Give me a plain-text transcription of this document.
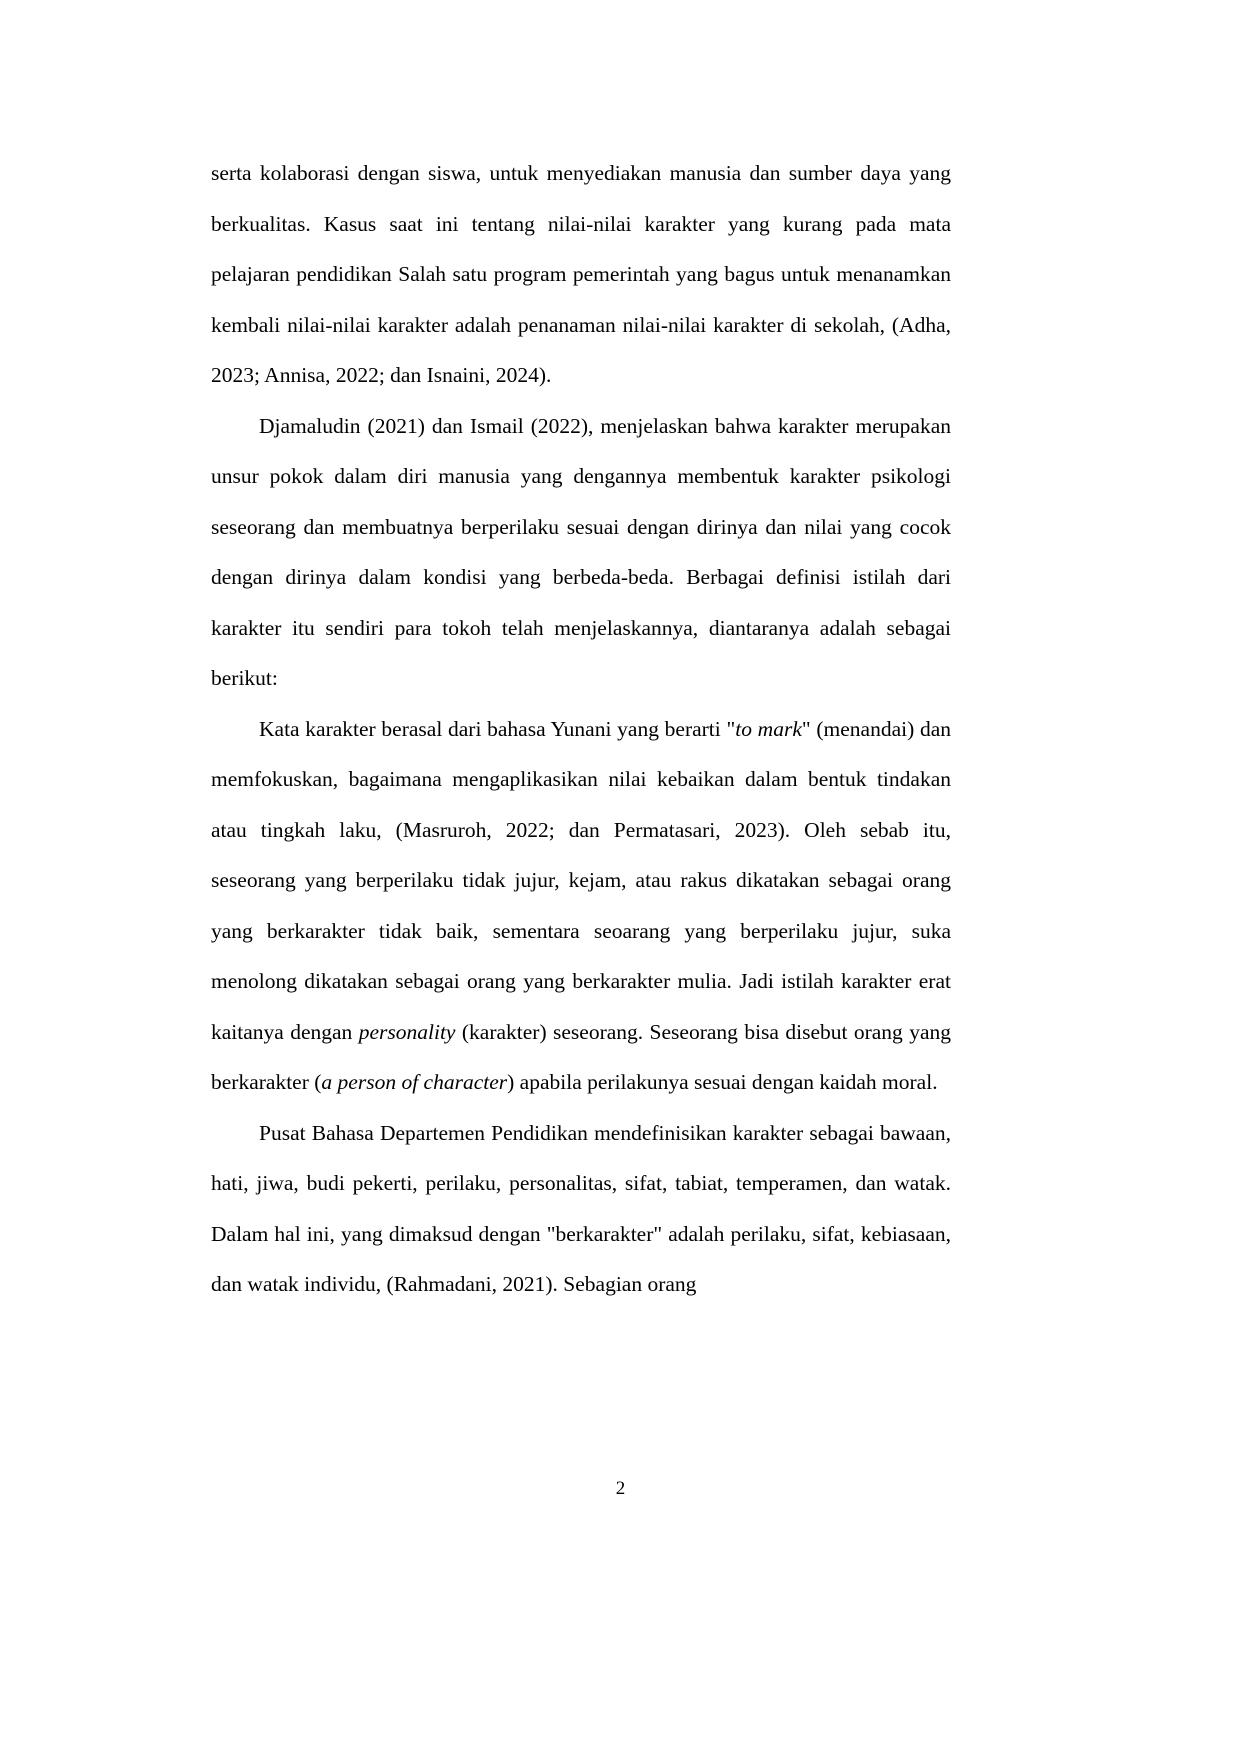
serta kolaborasi dengan siswa, untuk menyediakan manusia dan sumber daya yang berkualitas. Kasus saat ini tentang nilai-nilai karakter yang kurang pada mata pelajaran pendidikan Salah satu program pemerintah yang bagus untuk menanamkan kembali nilai-nilai karakter adalah penanaman nilai-nilai karakter di sekolah, (Adha, 2023; Annisa, 2022; dan Isnaini, 2024).

Djamaludin (2021) dan Ismail (2022), menjelaskan bahwa karakter merupakan unsur pokok dalam diri manusia yang dengannya membentuk karakter psikologi seseorang dan membuatnya berperilaku sesuai dengan dirinya dan nilai yang cocok dengan dirinya dalam kondisi yang berbeda-beda. Berbagai definisi istilah dari karakter itu sendiri para tokoh telah menjelaskannya, diantaranya adalah sebagai berikut:

Kata karakter berasal dari bahasa Yunani yang berarti "to mark" (menandai) dan memfokuskan, bagaimana mengaplikasikan nilai kebaikan dalam bentuk tindakan atau tingkah laku, (Masruroh, 2022; dan Permatasari, 2023). Oleh sebab itu, seseorang yang berperilaku tidak jujur, kejam, atau rakus dikatakan sebagai orang yang berkarakter tidak baik, sementara seoarang yang berperilaku jujur, suka menolong dikatakan sebagai orang yang berkarakter mulia. Jadi istilah karakter erat kaitanya dengan personality (karakter) seseorang. Seseorang bisa disebut orang yang berkarakter (a person of character) apabila perilakunya sesuai dengan kaidah moral.

Pusat Bahasa Departemen Pendidikan mendefinisikan karakter sebagai bawaan, hati, jiwa, budi pekerti, perilaku, personalitas, sifat, tabiat, temperamen, dan watak. Dalam hal ini, yang dimaksud dengan "berkarakter" adalah perilaku, sifat, kebiasaan, dan watak individu, (Rahmadani, 2021). Sebagian orang

2
